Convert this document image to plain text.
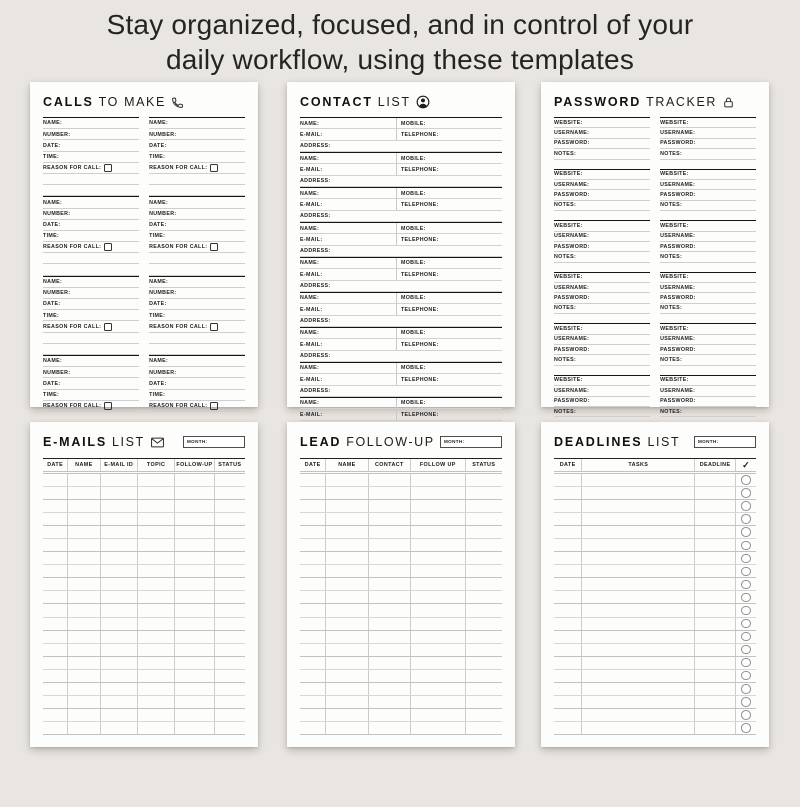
Stay organized, focused, and in control of your
daily workflow, using these templates
CALLS TO MAKE
NAME:
NUMBER:
DATE:
TIME:
REASON FOR CALL:
NAME:
NUMBER:
DATE:
TIME:
REASON FOR CALL:
NAME:
NUMBER:
DATE:
TIME:
REASON FOR CALL:
NAME:
NUMBER:
DATE:
TIME:
REASON FOR CALL:
NAME:
NUMBER:
DATE:
TIME:
REASON FOR CALL:
NAME:
NUMBER:
DATE:
TIME:
REASON FOR CALL:
NAME:
NUMBER:
DATE:
TIME:
REASON FOR CALL:
NAME:
NUMBER:
DATE:
TIME:
REASON FOR CALL:
CONTACT LIST
NAME:	MOBILE:
E-MAIL:	TELEPHONE:
ADDRESS:
NAME:	MOBILE:
E-MAIL:	TELEPHONE:
ADDRESS:
NAME:	MOBILE:
E-MAIL:	TELEPHONE:
ADDRESS:
NAME:	MOBILE:
E-MAIL:	TELEPHONE:
ADDRESS:
NAME:	MOBILE:
E-MAIL:	TELEPHONE:
ADDRESS:
NAME:	MOBILE:
E-MAIL:	TELEPHONE:
ADDRESS:
NAME:	MOBILE:
E-MAIL:	TELEPHONE:
ADDRESS:
NAME:	MOBILE:
E-MAIL:	TELEPHONE:
ADDRESS:
NAME:	MOBILE:
E-MAIL:	TELEPHONE:
PASSWORD TRACKER
WEBSITE:
USERNAME:
PASSWORD:
NOTES:
WEBSITE:
USERNAME:
PASSWORD:
NOTES:
WEBSITE:
USERNAME:
PASSWORD:
NOTES:
WEBSITE:
USERNAME:
PASSWORD:
NOTES:
WEBSITE:
USERNAME:
PASSWORD:
NOTES:
WEBSITE:
USERNAME:
PASSWORD:
NOTES:
WEBSITE:
USERNAME:
PASSWORD:
NOTES:
WEBSITE:
USERNAME:
PASSWORD:
NOTES:
WEBSITE:
USERNAME:
PASSWORD:
NOTES:
WEBSITE:
USERNAME:
PASSWORD:
NOTES:
WEBSITE:
USERNAME:
PASSWORD:
NOTES:
WEBSITE:
USERNAME:
PASSWORD:
NOTES:
E-MAILS LIST	MONTH:
DATE	NAME	E-MAIL ID	TOPIC	FOLLOW-UP	STATUS
LEAD FOLLOW-UP MONTH:
DATE	NAME	CONTACT	FOLLOW UP	STATUS
DEADLINES LIST	MONTH:
DATE	TASKS	DEADLINE	✓
